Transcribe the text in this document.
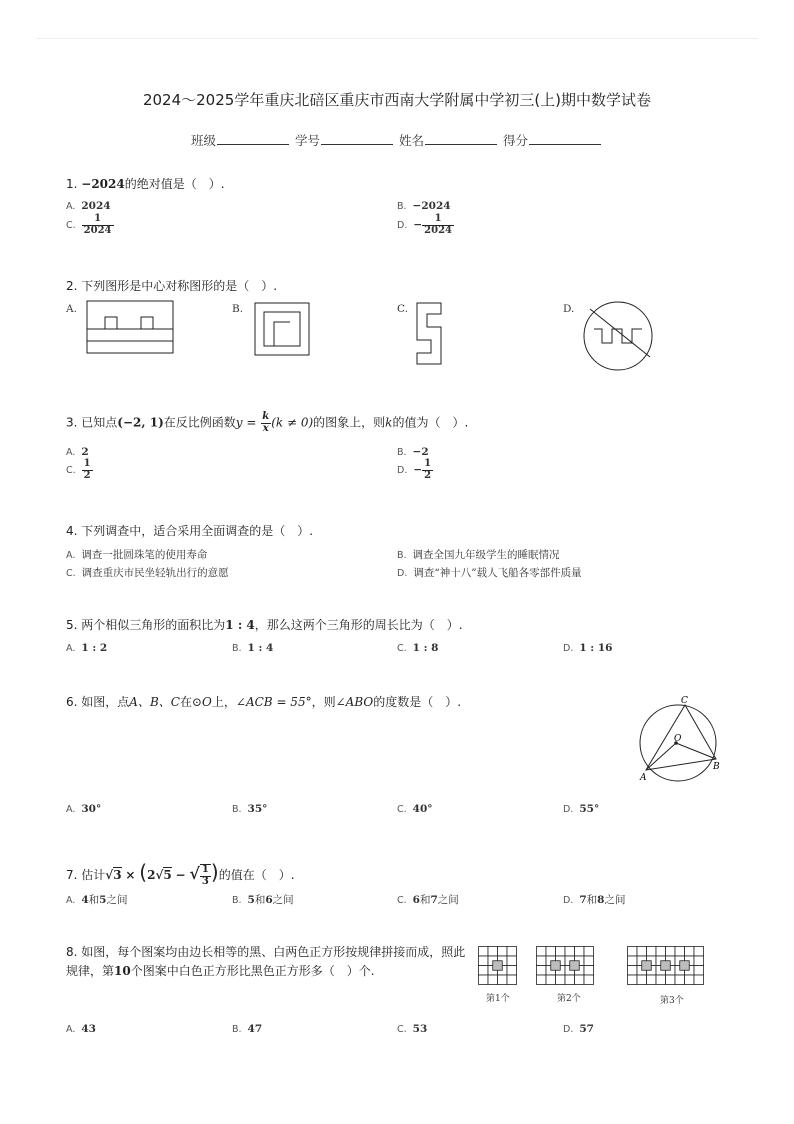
2024～2025学年重庆北碚区重庆市西南大学附属中学初三(上)期中数学试卷
班级	学号	姓名	得分
1. −2024的绝对值是（　）.
A. 2024	B. −2024
C. $\frac{1}{2024}$	D. − $\frac{1}{2024}$
2. 下列图形是中心对称图形的是（　）.
A.	B.	C.	D.
3. 已知点(−2, 1)在反比例函数$y = \frac{k}{x} (k \ne 0)$的图象上，则k的值为（　）.
A. 2	B. −2
C. $\frac{1}{2}$	D. − $\frac{1}{2}$
4. 下列调查中，适合采用全面调查的是（　）.
A. 调查一批圆珠笔的使用寿命	B. 调查全国九年级学生的睡眠情况
C. 调查重庆市民坐轻轨出行的意愿	D. 调查“神十八”载人飞船各零部件质量
5. 两个相似三角形的面积比为1 : 4，那么这两个三角形的周长比为（　）.
A. 1 : 2	B. 1 : 4	C. 1 : 8	D. 1 : 16
6. 如图，点A、B、C在⊙O上，∠ACB = 55°，则∠ABO的度数是（　）.	C
O
A
B
A. 30°	B. 35°	C. 40°	D. 55°
7. 估计√3 × (2√5 − √ $\frac{1}{3}$ )的值在（　）.
A. 4和5之间	B. 5和6之间	C. 6和7之间	D. 7和8之间
8. 如图，每个图案均由边长相等的黑、白两色正方形按规律拼接而成，照此
规律，第10个图案中白色正方形比黑色正方形多（　）个.
第1个	第2个	第3个
A. 43	B. 47	C. 53	D. 57
